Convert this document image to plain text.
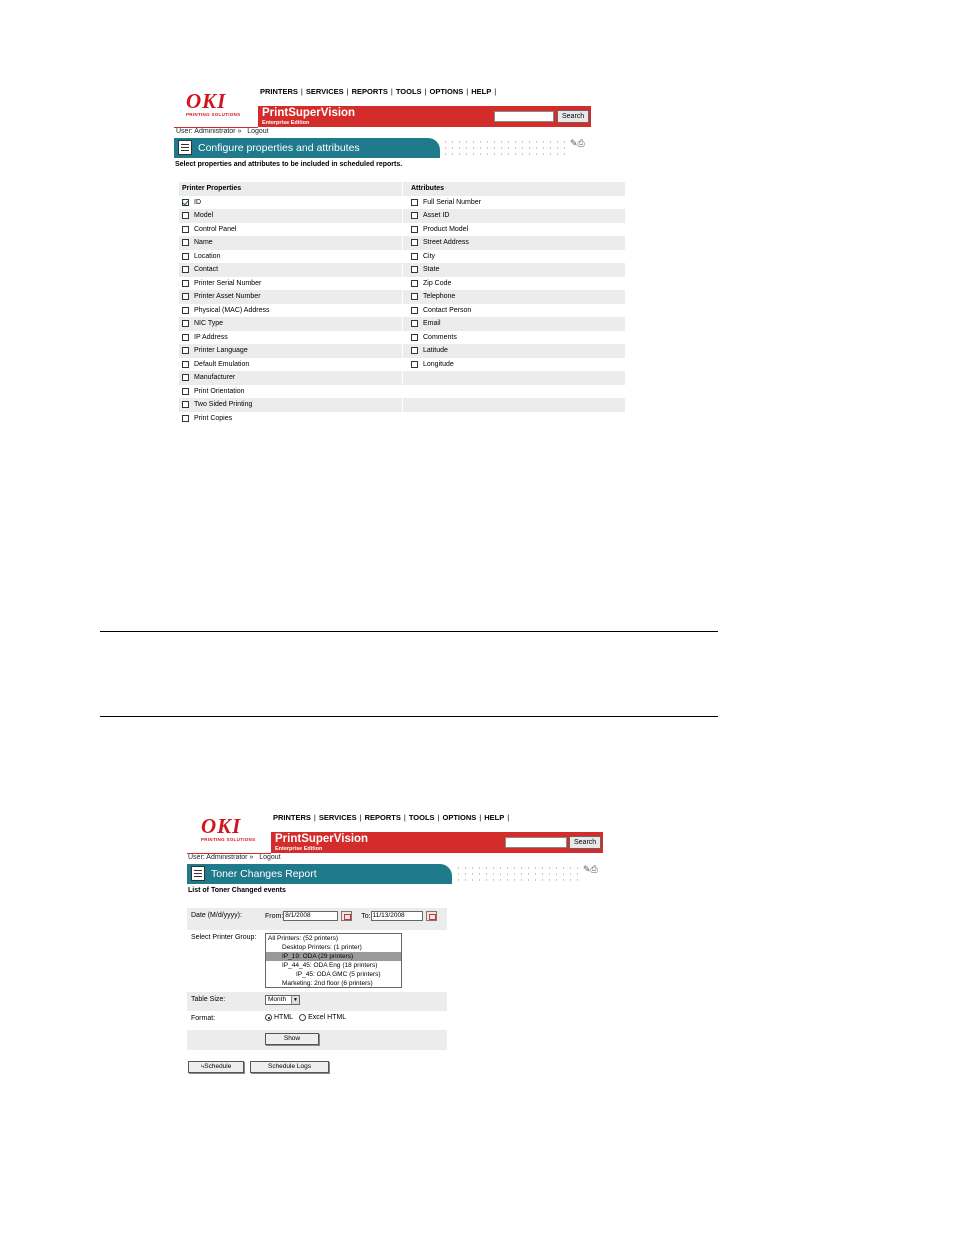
OKI
PRINTING SOLUTIONS
PRINTERS | SERVICES | REPORTS | TOOLS | OPTIONS | HELP |
PrintSuperVision
Enterprise Edition
Search
User: Administrator » Logout
Configure properties and attributes	✎⎙
Select properties and attributes to be included in scheduled reports.
Printer Properties	Attributes
ID	Full Serial Number
Model	Asset ID
Control Panel	Product Model
Name	Street Address
Location	City
Contact	State
Printer Serial Number	Zip Code
Printer Asset Number	Telephone
Physical (MAC) Address	Contact Person
NIC Type	Email
IP Address	Comments
Printer Language	Latitude
Default Emulation	Longitude
Manufacturer
Print Orientation
Two Sided Printing
Print Copies
OKI
PRINTING SOLUTIONS
PRINTERS | SERVICES | REPORTS | TOOLS | OPTIONS | HELP |
PrintSuperVision
Enterprise Edition
Search
User: Administrator » Logout
Toner Changes Report	✎⎙
List of Toner Changed events
Date (M/d/yyyy):	From: 8/1/2008	To: 11/13/2008
Select Printer Group:	All Printers: (52 printers)
Desktop Printers: (1 printer)
IP_19: ODA (29 printers)
IP_44_45: ODA Eng (18 printers)
IP_45: ODA GMC (5 printers)
Marketing: 2nd floor (6 printers)
Table Size:	Month	▼
Format:	HTML Excel HTML
Show
⤷Schedule	Schedule Logs
